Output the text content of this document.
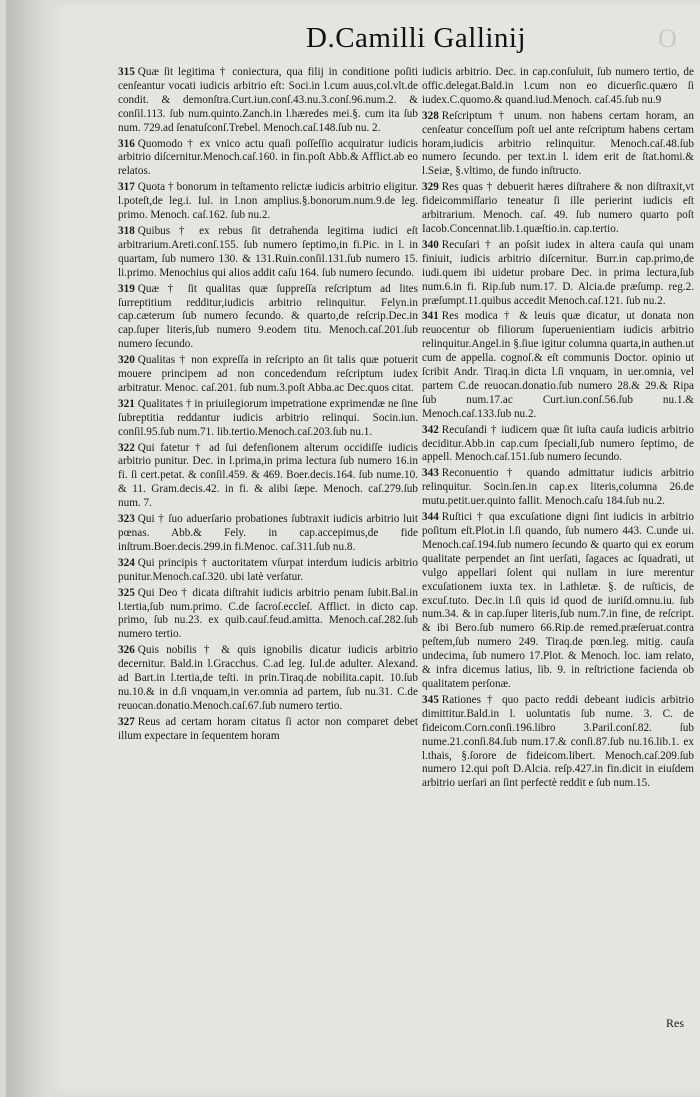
D.Camilli Gallinij	O

315 Quæ ſit legitima † coniectura, qua filij in conditione poſiti cenſeantur vocati iudicis arbitrio eſt: Soci.in l.cum auus,col.vlt.de condit. & demonſtra.Curt.iun.conſ.43.nu.3.conſ.96.num.2. & conſil.113. ſub num.quinto.Zanch.in l.hæredes mei.§. cum ita ſub num. 729.ad ſenatuſconſ.Trebel. Menoch.caſ.148.ſub nu. 2.

316 Quomodo † ex vnico actu quaſi poſſeſſio acquiratur iudicis arbitrio diſcernitur.Menoch.caſ.160. in fin.poſt Abb.& Afflict.ab eo relatos.

317 Quota † bonorum in teſtamento relictæ iudicis arbitrio eligitur. l.poteſt,de leg.i. Iul. in l.non amplius.§.bonorum.num.9.de leg. primo. Menoch. caſ.162. ſub nu.2.

318 Quibus † ex rebus ſit detrahenda legitima iudici eſt arbitrarium.Areti.conſ.155. ſub numero ſeptimo,in fi.Pic. in l. in quartam, ſub numero 130. & 131.Ruin.conſil.131.ſub numero 15. li.primo. Menochius qui alios addit caſu 164. ſub numero ſecundo.

319 Quæ † ſit qualitas quæ ſuppreſſa reſcriptum ad lites ſurreptitium redditur,iudicis arbitrio relinquitur. Felyn.in cap.cæterum ſub numero ſecundo. & quarto,de reſcrip.Dec.in cap.ſuper literis,ſub numero 9.eodem titu. Menoch.caſ.201.ſub numero ſecundo.

320 Qualitas † non expreſſa in reſcripto an ſit talis quæ potuerit mouere principem ad non concedendum reſcriptum iudex arbitratur. Menoc. caſ.201. ſub num.3.poſt Abba.ac Dec.quos citat.

321 Qualitates † in priuilegiorum impetratione exprimendæ ne ſine ſubreptitia reddantur iudicis arbitrio relinqui. Socin.iun. conſil.95.ſub num.71. lib.tertio.Menoch.caſ.203.ſub nu.1.

322 Qui fatetur † ad ſui defenſionem alterum occidiſſe iudicis arbitrio punitur. Dec. in l.prima,in prima lectura ſub numero 16.in fi. ſi cert.petat. & conſil.459. & 469. Boer.decis.164. ſub nume.10. & 11. Gram.decis.42. in fi. & alibi ſæpe. Menoch. caſ.279.ſub num. 7.

323 Qui † ſuo aduerſario probationes ſubtraxit iudicis arbitrio luit pœnas. Abb.& Fely. in cap.accepimus,de fide inſtrum.Boer.decis.299.in fi.Menoc. caſ.311.ſub nu.8.

324 Qui principis † auctoritatem vſurpat interdum iudicis arbitrio punitur.Menoch.caſ.320. ubi latè verſatur.

325 Qui Deo † dicata diſtrahit iudicis arbitrio penam ſubit.Bal.in l.tertia,ſub num.primo. C.de ſacroſ.eccleſ. Afflict. in dicto cap. primo, ſub nu.23. ex quib.cauſ.feud.amitta. Menoch.caſ.282.ſub numero tertio.

326 Quis nobilis † & quis ignobilis dicatur iudicis arbitrio decernitur. Bald.in l.Gracchus. C.ad leg. Iul.de adulter. Alexand. ad Bart.in l.tertia,de teſti. in prin.Tiraq.de nobilita.capit. 10.ſub nu.10.& in d.ſi vnquam,in ver.omnia ad partem, ſub nu.31. C.de reuocan.donatio.Menoch.caſ.67.ſub numero tertio.

327 Reus ad certam horam citatus ſi actor non comparet debet illum expectare in ſequentem horam

iudicis arbitrio. Dec. in cap.conſuluit, ſub numero tertio, de offic.delegat.Bald.in l.cum non eo dicuerſic.quæro ſi iudex.C.quomo.& quand.iud.Menoch. caſ.45.ſub nu.9

328 Reſcriptum † unum. non habens certam horam, an cenſeatur conceſſum poſt uel ante reſcriptum habens certam horam,iudicis arbitrio relinquitur. Menoch.caſ.48.ſub numero ſecundo. per text.in l. idem erit de ſtat.homi.& l.Seiæ, §.vltimo, de fundo inſtructo.

329 Res quas † debuerit hæres diſtrahere & non diſtraxit,vt fideicommiſſario teneatur ſi ille perierint iudicis eſt arbitrarium. Menoch. caſ. 49. ſub numero quarto poſt Iacob.Concennat.lib.1.quæſtio.in. cap.tertio.

340 Recuſari † an poſsit iudex in altera cauſa qui unam finiuit, iudicis arbitrio diſcernitur. Burr.in cap.primo,de iudi.quem ibi uidetur probare Dec. in prima lectura,ſub num.6.in fi. Rip.ſub num.17. D. Alcia.de præſump. reg.2. præſumpt.11.quibus accedit Menoch.caſ.121. ſub nu.2.

341 Res modica † & leuis quæ dicatur, ut donata non reuocentur ob filiorum ſuperuenientiam iudicis arbitrio relinquitur.Angel.in §.ſiue igitur columna quarta,in authen.ut cum de appella. cognoſ.& eſt communis Doctor. opinio ut ſcribit Andr. Tiraq.in dicta l.ſi vnquam, in uer.omnia, vel partem C.de reuocan.donatio.ſub numero 28.& 29.& Ripa ſub num.17.ac Curt.iun.conſ.56.ſub nu.1.& Menoch.caſ.133.ſub nu.2.

342 Recuſandi † iudicem quæ ſit iuſta cauſa iudicis arbitrio deciditur.Abb.in cap.cum ſpeciali,ſub numero ſeptimo, de appell. Menoch.caſ.151.ſub numero ſecundo.

343 Reconuentio † quando admittatur iudicis arbitrio relinquitur. Socin.ſen.in cap.ex literis,columna 26.de mutu.petit.uer.quinto fallit. Menoch.caſu 184.ſub nu.2.

344 Ruſtici † qua excuſatione digni ſint iudicis in arbitrio poſitum eſt.Plot.in l.ſi quando, ſub numero 443. C.unde ui. Menoch.caſ.194.ſub numero ſecundo & quarto qui ex eorum qualitate perpendet an ſint uerſati, ſagaces ac ſquadrati, ut vulgo appellari ſolent qui nullam in iure merentur excuſationem iuxta tex. in l.athletæ. §. de ruſticis, de excuſ.tuto. Dec.in l.ſi quis id quod de iuriſd.omnu.iu. ſub num.34. & in cap.ſuper literis,ſub num.7.in fine, de reſcript. & ibi Bero.ſub numero 66.Rip.de remed.præſeruat.contra peſtem,ſub numero 249. Tiraq.de pœn.leg. mitig. cauſa undecima, ſub numero 17.Plot. & Menoch. loc. iam relato, & infra dicemus latius, lib. 9. in reſtrictione facienda ob qualitatem perſonæ.

345 Rationes † quo pacto reddi debeant iudicis arbitrio dimittitur.Bald.in l. uoluntatis ſub nume. 3. C. de fideicom.Corn.conſi.196.libro 3.Paril.conſ.82. ſub nume.21.conſi.84.ſub num.17.& conſi.87.ſub nu.16.lib.1. ex l.thais, §.ſorore de fideicom.libert. Menoch.caſ.209.ſub numero 12.qui poſt D.Alcia. reſp.427.in fin.dicit in eiuſdem arbitrio uerſari an ſint perfectè reddit e ſub num.15.

Res
